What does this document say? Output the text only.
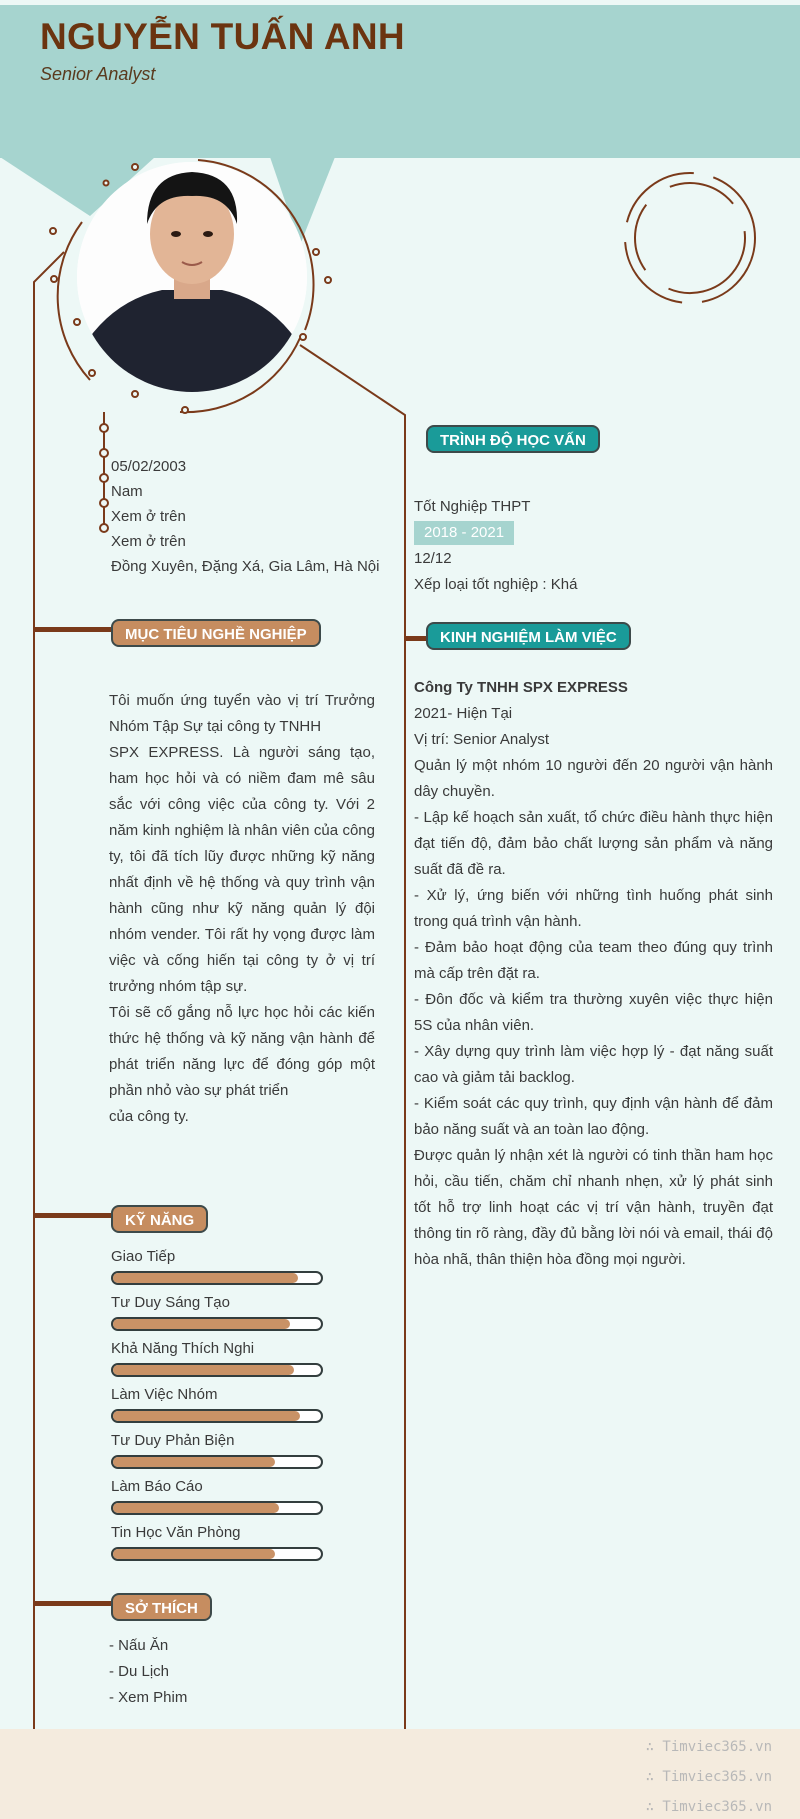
NGUYỄN TUẤN ANH
Senior Analyst
05/02/2003
Nam
Xem ở trên
Xem ở trên
Đồng Xuyên, Đặng Xá, Gia Lâm, Hà Nội
MỤC TIÊU NGHỀ NGHIỆP

Tôi muốn ứng tuyển vào vị trí Trưởng Nhóm Tập Sự tại công ty TNHH

SPX EXPRESS. Là người sáng tạo, ham học hỏi và có niềm đam mê sâu sắc với công việc của công ty. Với 2 năm kinh nghiệm là nhân viên của công ty, tôi đã tích lũy được những kỹ năng nhất định về hệ thống và quy trình vận hành cũng như kỹ năng quản lý đội nhóm vender. Tôi rất hy vọng được làm việc và cống hiến tại công ty ở vị trí trưởng nhóm tập sự.

Tôi sẽ cố gắng nỗ lực học hỏi các kiến thức hệ thống và kỹ năng vận hành để phát triển năng lực để đóng góp một phần nhỏ vào sự phát triển

của công ty.

KỸ NĂNG
Giao Tiếp
Tư Duy Sáng Tạo
Khả Năng Thích Nghi
Làm Việc Nhóm
Tư Duy Phản Biện
Làm Báo Cáo
Tin Học Văn Phòng
SỞ THÍCH
- Nấu Ăn
- Du Lịch
- Xem Phim
TRÌNH ĐỘ HỌC VẤN
Tốt Nghiệp THPT
2018 - 2021
12/12
Xếp loại tốt nghiệp : Khá
KINH NGHIỆM LÀM VIỆC

Công Ty TNHH SPX EXPRESS

2021- Hiện Tại

Vị trí: Senior Analyst

Quản lý một nhóm 10 người đến 20 người vận hành dây chuyền.

- Lập kế hoạch sản xuất, tổ chức điều hành thực hiện đạt tiến độ, đảm bảo chất lượng sản phẩm và năng suất đã đề ra.

- Xử lý, ứng biến với những tình huống phát sinh trong quá trình vận hành.

- Đảm bảo hoạt động của team theo đúng quy trình mà cấp trên đặt ra.

- Đôn đốc và kiểm tra thường xuyên việc thực hiện 5S của nhân viên.

- Xây dựng quy trình làm việc hợp lý - đạt năng suất cao và giảm tải backlog.

- Kiểm soát các quy trình, quy định vận hành để đảm bảo năng suất và an toàn lao động.

Được quản lý nhận xét là người có tinh thần ham học hỏi, cầu tiến, chăm chỉ nhanh nhẹn, xử lý phát sinh tốt hỗ trợ linh hoạt các vị trí vận hành, truyền đạt thông tin rõ ràng, đầy đủ bằng lời nói và email, thái độ hòa nhã, thân thiện hòa đồng mọi người.

∴ Timviec365.vn
∴ Timviec365.vn
∴ Timviec365.vn
